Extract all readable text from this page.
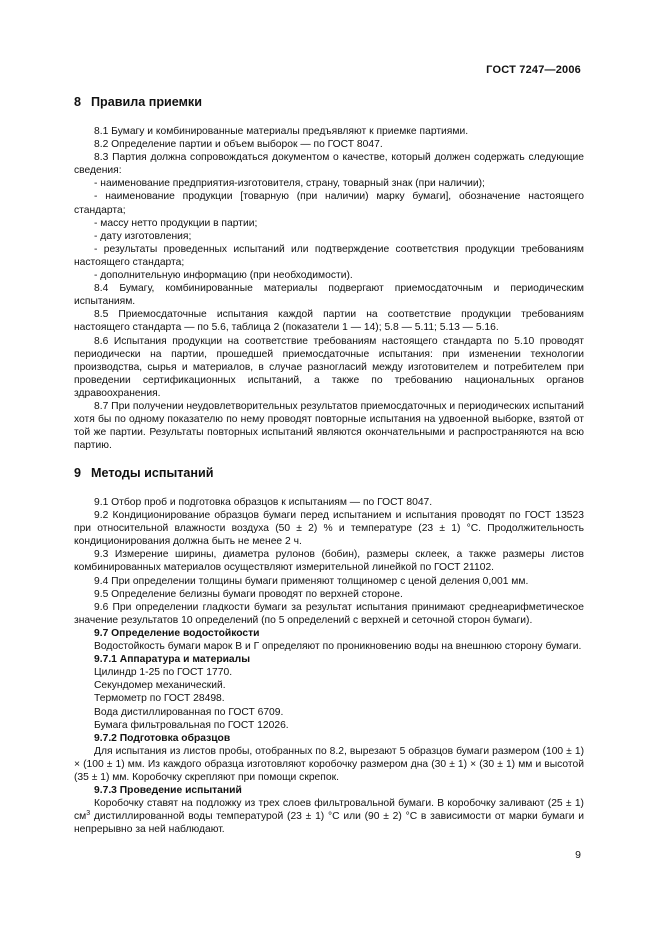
ГОСТ 7247—2006

8 Правила приемки

8.1 Бумагу и комбинированные материалы предъявляют к приемке партиями.

8.2 Определение партии и объем выборок — по ГОСТ 8047.

8.3 Партия должна сопровождаться документом о качестве, который должен содержать следующие сведения:

- наименование предприятия-изготовителя, страну, товарный знак (при наличии);

- наименование продукции [товарную (при наличии) марку бумаги], обозначение настоящего стандарта;

- массу нетто продукции в партии;

- дату изготовления;

- результаты проведенных испытаний или подтверждение соответствия продукции требованиям настоящего стандарта;

- дополнительную информацию (при необходимости).

8.4 Бумагу, комбинированные материалы подвергают приемосдаточным и периодическим испытаниям.

8.5 Приемосдаточные испытания каждой партии на соответствие продукции требованиям настоящего стандарта — по 5.6, таблица 2 (показатели 1 — 14); 5.8 — 5.11; 5.13 — 5.16.

8.6 Испытания продукции на соответствие требованиям настоящего стандарта по 5.10 проводят периодически на партии, прошедшей приемосдаточные испытания: при изменении технологии производства, сырья и материалов, в случае разногласий между изготовителем и потребителем при проведении сертификационных испытаний, а также по требованию национальных органов здравоохранения.

8.7 При получении неудовлетворительных результатов приемосдаточных и периодических испытаний хотя бы по одному показателю по нему проводят повторные испытания на удвоенной выборке, взятой от той же партии. Результаты повторных испытаний являются окончательными и распространяются на всю партию.

9 Методы испытаний

9.1 Отбор проб и подготовка образцов к испытаниям — по ГОСТ 8047.

9.2 Кондиционирование образцов бумаги перед испытанием и испытания проводят по ГОСТ 13523 при относительной влажности воздуха (50 ± 2) % и температуре (23 ± 1) °С. Продолжительность кондиционирования должна быть не менее 2 ч.

9.3 Измерение ширины, диаметра рулонов (бобин), размеры склеек, а также размеры листов комбинированных материалов осуществляют измерительной линейкой по ГОСТ 21102.

9.4 При определении толщины бумаги применяют толщиномер с ценой деления 0,001 мм.

9.5 Определение белизны бумаги проводят по верхней стороне.

9.6 При определении гладкости бумаги за результат испытания принимают среднеарифметическое значение результатов 10 определений (по 5 определений с верхней и сеточной сторон бумаги).

9.7 Определение водостойкости

Водостойкость бумаги марок В и Г определяют по проникновению воды на внешнюю сторону бумаги.

9.7.1 Аппаратура и материалы

Цилиндр 1-25 по ГОСТ 1770.

Секундомер механический.

Термометр по ГОСТ 28498.

Вода дистиллированная по ГОСТ 6709.

Бумага фильтровальная по ГОСТ 12026.

9.7.2 Подготовка образцов

Для испытания из листов пробы, отобранных по 8.2, вырезают 5 образцов бумаги размером (100 ± 1) × (100 ± 1) мм. Из каждого образца изготовляют коробочку размером дна (30 ± 1) × (30 ± 1) мм и высотой (35 ± 1) мм. Коробочку скрепляют при помощи скрепок.

9.7.3 Проведение испытаний

Коробочку ставят на подложку из трех слоев фильтровальной бумаги. В коробочку заливают (25 ± 1) $см^3$ дистиллированной воды температурой (23 ± 1) °С или (90 ± 2) °С в зависимости от марки бумаги и непрерывно за ней наблюдают.

9
